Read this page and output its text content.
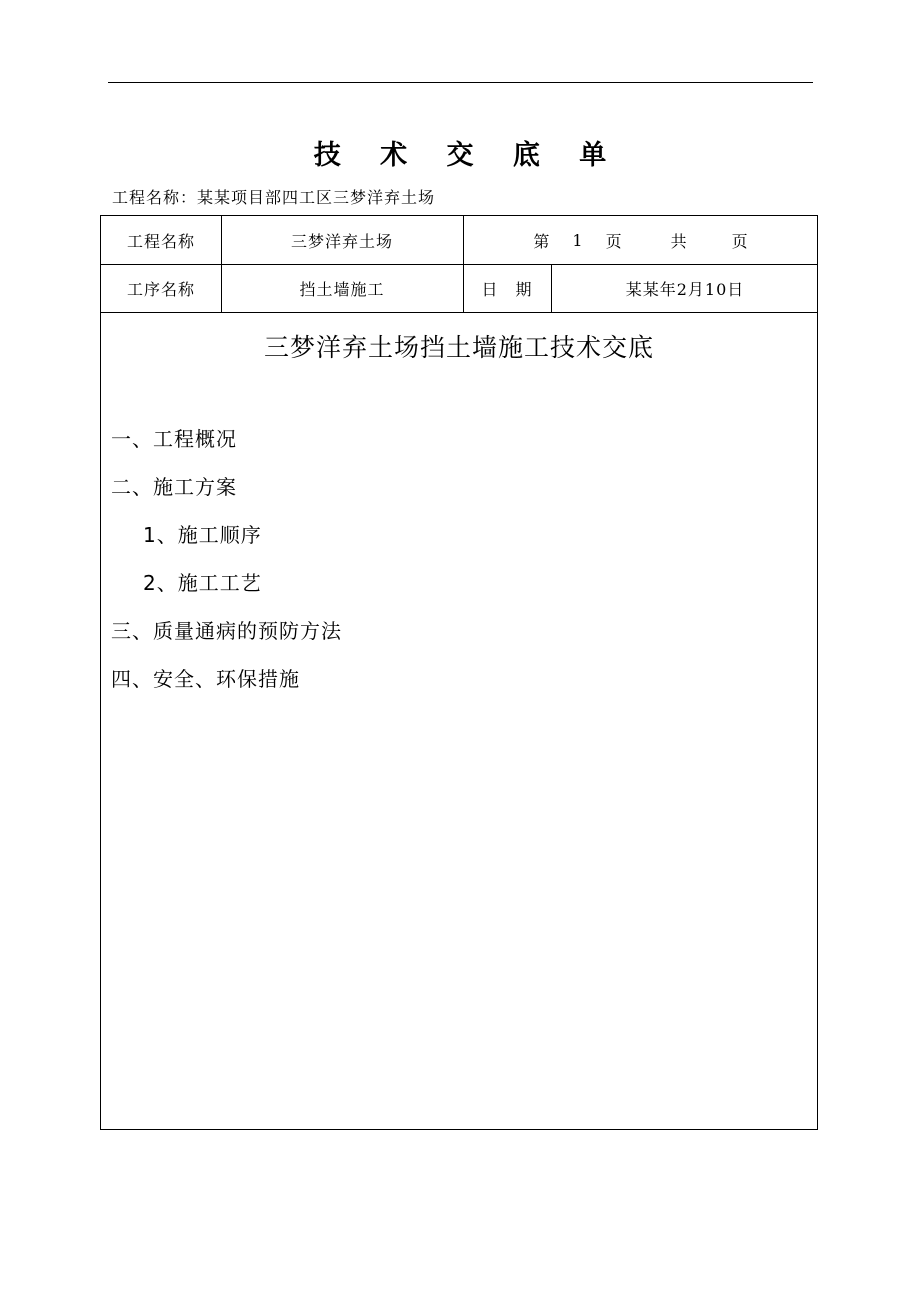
技 术 交 底 单
工程名称：某某项目部四工区三梦洋弃土场
工程名称	三梦洋弃土场	第 1 页	共	页
工序名称	挡土墙施工	日　期	某某年2月10日
三梦洋弃土场挡土墙施工技术交底
一、工程概况
二、施工方案
1、施工顺序
2、施工工艺
三、质量通病的预防方法
四、安全、环保措施
